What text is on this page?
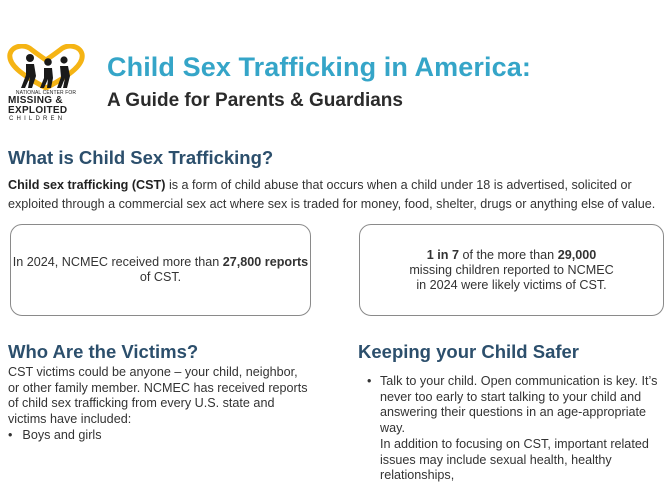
NATIONAL CENTER FOR
MISSING &
EXPLOITED
CHILDREN
Child Sex Trafficking in America:
A Guide for Parents & Guardians
What is Child Sex Trafficking?

Child sex trafficking (CST) is a form of child abuse that occurs when a child under 18 is advertised, solicited or exploited through a commercial sex act where sex is traded for money, food, shelter, drugs or anything else of value.

In 2024, NCMEC received more than 27,800 reports of CST.

1 in 7 of the more than 29,000 missing children reported to NCMEC in 2024 were likely victims of CST.

Who Are the Victims?

CST victims could be anyone – your child, neighbor, or other family member. NCMEC has received reports of child sex trafficking from every U.S. state and victims have included:

• Boys and girls
Keeping your Child Safer

• Talk to your child. Open communication is key. It’s never too early to start talking to your child and answering their questions in an age-appropriate way.

In addition to focusing on CST, important related issues may include sexual health, healthy relationships,
